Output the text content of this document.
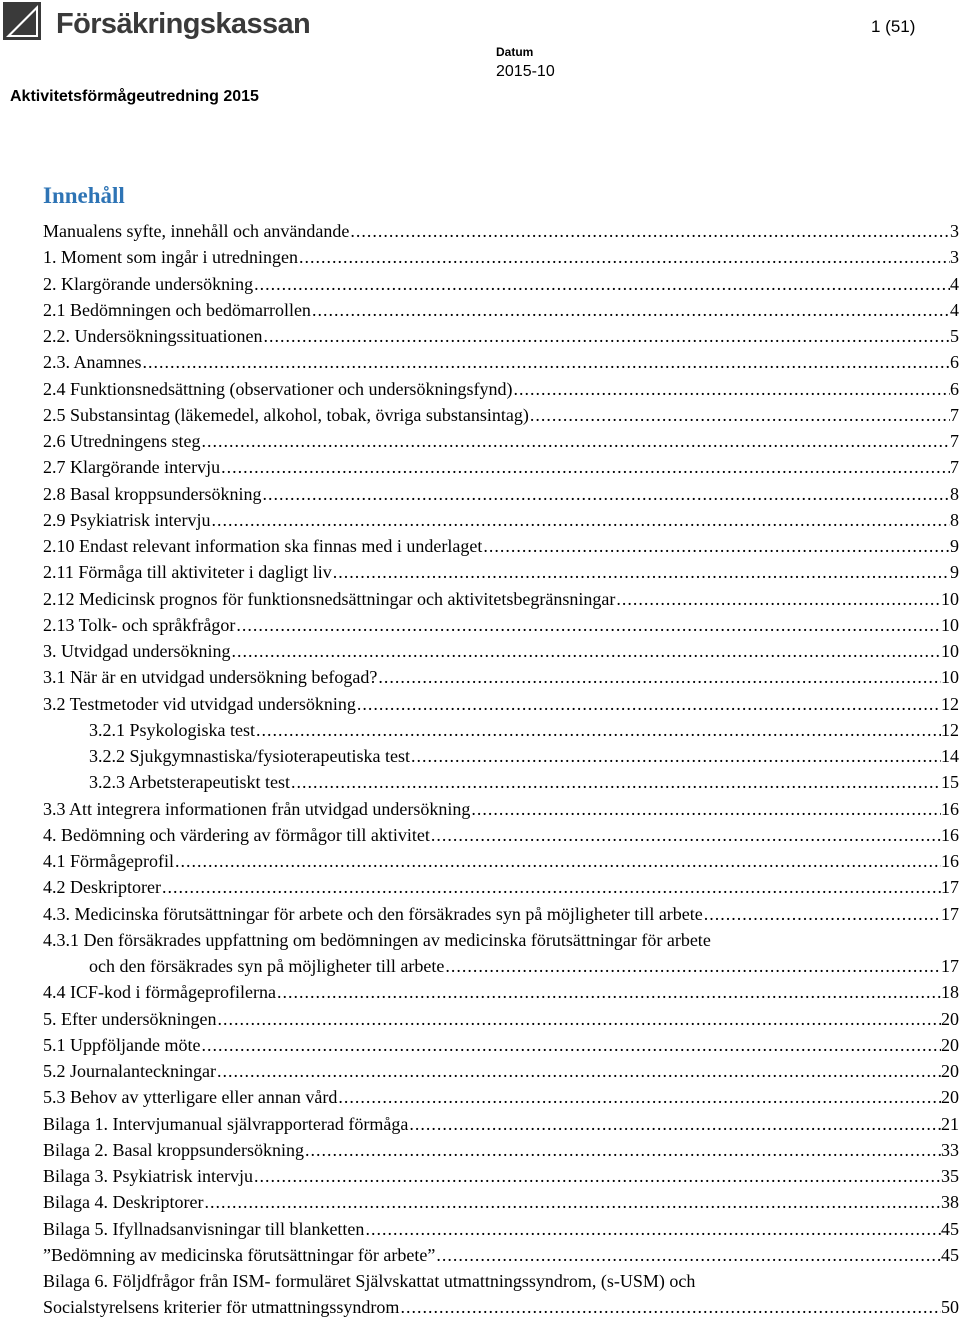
Försäkringskassan	1 (51)
Datum
2015-10
Aktivitetsförmågeutredning 2015
Innehåll
Manualens syfte, innehåll och användande .....	3
1. Moment som ingår i utredningen .....	3
2. Klargörande undersökning .....	4
2.1 Bedömningen och bedömarrollen .....	4
2.2. Undersökningssituationen .....	5
2.3. Anamnes .....	6
2.4 Funktionsnedsättning (observationer och undersökningsfynd) .....	6
2.5 Substansintag (läkemedel, alkohol, tobak, övriga substansintag) .....	7
2.6 Utredningens steg .....	7
2.7 Klargörande intervju .....	7
2.8 Basal kroppsundersökning .....	8
2.9 Psykiatrisk intervju .....	8
2.10 Endast relevant information ska finnas med i underlaget .....	9
2.11 Förmåga till aktiviteter i dagligt liv .....	9
2.12 Medicinsk prognos för funktionsnedsättningar och aktivitetsbegränsningar .....	10
2.13 Tolk- och språkfrågor .....	10
3. Utvidgad undersökning .....	10
3.1 När är en utvidgad undersökning befogad? .....	10
3.2 Testmetoder vid utvidgad undersökning .....	12
3.2.1 Psykologiska test .....	12
3.2.2 Sjukgymnastiska/fysioterapeutiska test .....	14
3.2.3 Arbetsterapeutiskt test .....	15
3.3 Att integrera informationen från utvidgad undersökning .....	16
4. Bedömning och värdering av förmågor till aktivitet .....	16
4.1 Förmågeprofil .....	16
4.2 Deskriptorer .....	17
4.3. Medicinska förutsättningar för arbete och den försäkrades syn på möjligheter till arbete .....	17
4.3.1 Den försäkrades uppfattning om bedömningen av medicinska förutsättningar för arbete
och den försäkrades syn på möjligheter till arbete .....	17
4.4 ICF-kod i förmågeprofilerna .....	18
5. Efter undersökningen .....	20
5.1 Uppföljande möte .....	20
5.2 Journalanteckningar .....	20
5.3 Behov av ytterligare eller annan vård .....	20
Bilaga 1. Intervjumanual självrapporterad förmåga .....	21
Bilaga 2. Basal kroppsundersökning .....	33
Bilaga 3. Psykiatrisk intervju .....	35
Bilaga 4. Deskriptorer .....	38
Bilaga 5. Ifyllnadsanvisningar till blanketten .....	45
”Bedömning av medicinska förutsättningar för arbete” .....	45
Bilaga 6. Följdfrågor från ISM- formuläret Självskattat utmattningssyndrom, (s-USM) och
Socialstyrelsens kriterier för utmattningssyndrom .....	50
